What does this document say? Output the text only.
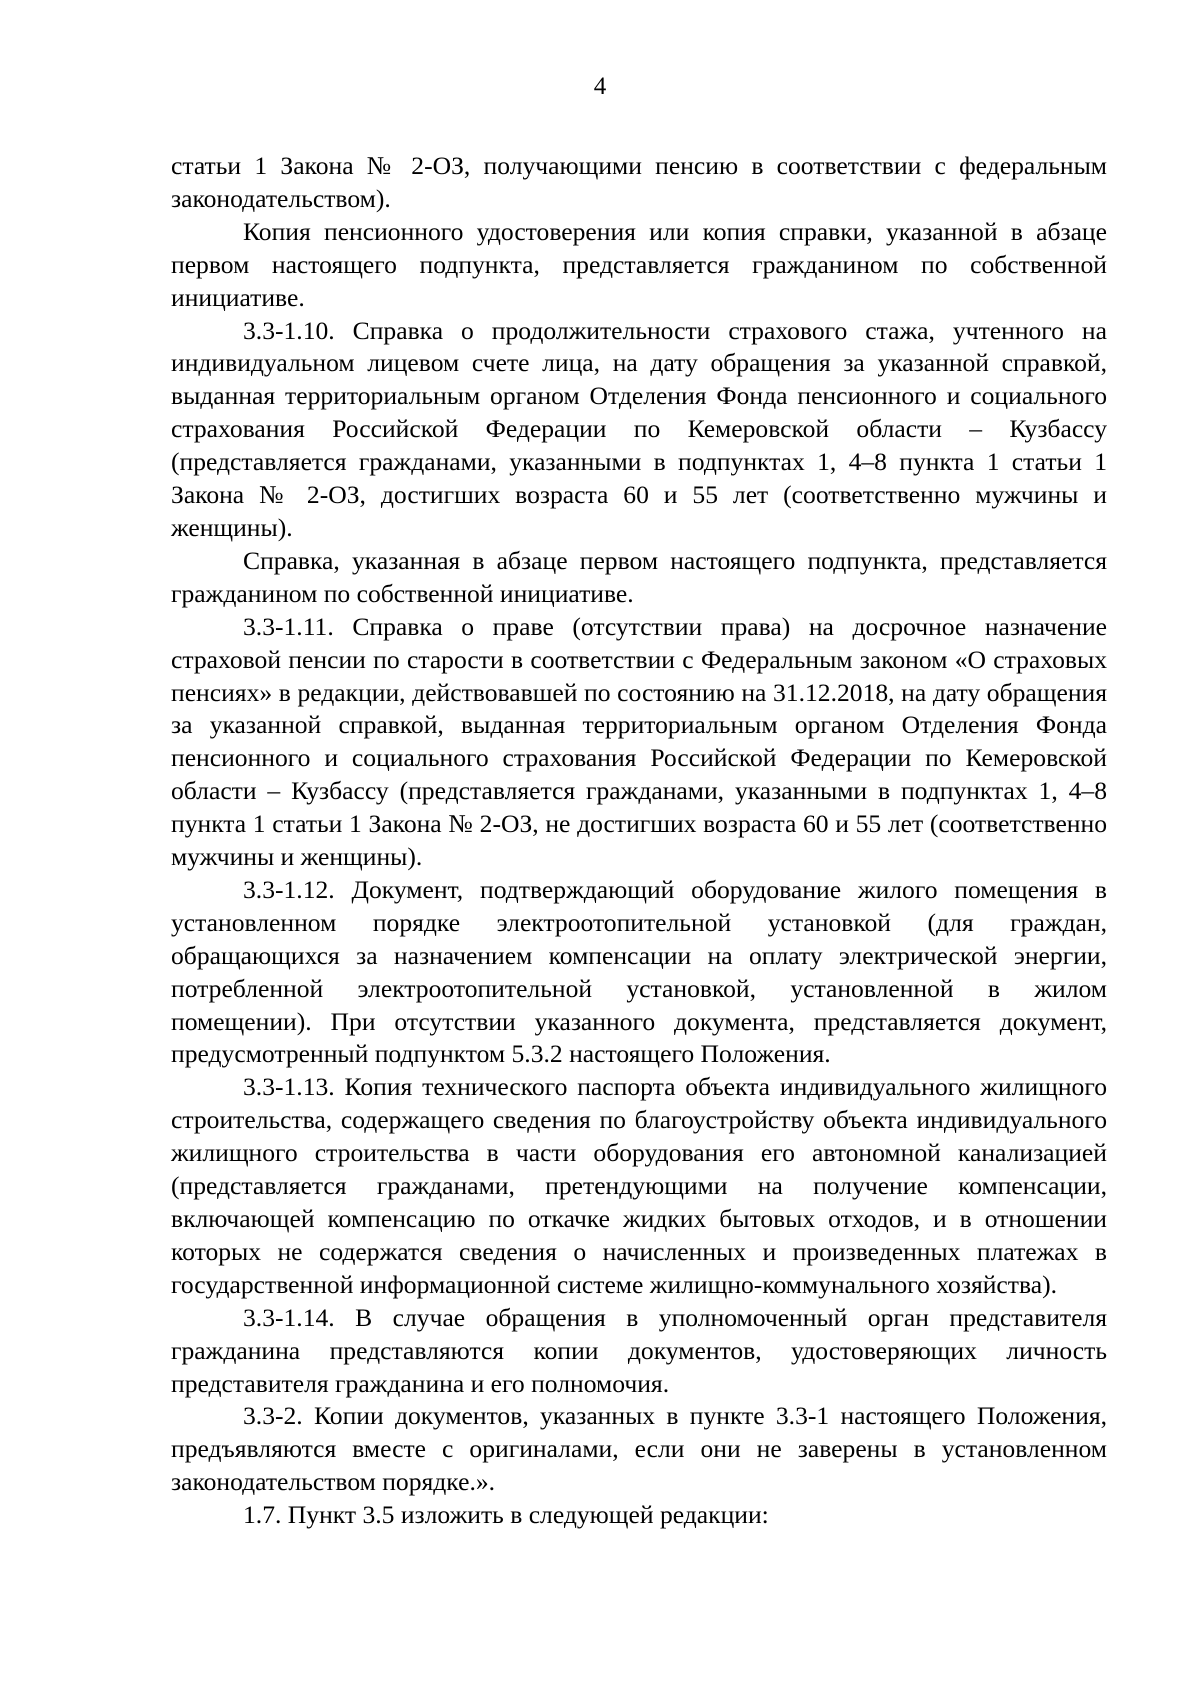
4

статьи 1 Закона № 2-ОЗ, получающими пенсию в соответствии с федеральным законодательством).

Копия пенсионного удостоверения или копия справки, указанной в абзаце первом настоящего подпункта, представляется гражданином по собственной инициативе.

3.3-1.10. Справка о продолжительности страхового стажа, учтенного на индивидуальном лицевом счете лица, на дату обращения за указанной справкой, выданная территориальным органом Отделения Фонда пенсионного и социального страхования Российской Федерации по Кемеровской области – Кузбассу (представляется гражданами, указанными в подпунктах 1, 4–8 пункта 1 статьи 1 Закона № 2-ОЗ, достигших возраста 60 и 55 лет (соответственно мужчины и женщины).

Справка, указанная в абзаце первом настоящего подпункта, представляется гражданином по собственной инициативе.

3.3-1.11. Справка о праве (отсутствии права) на досрочное назначение страховой пенсии по старости в соответствии с Федеральным законом «О страховых пенсиях» в редакции, действовавшей по состоянию на 31.12.2018, на дату обращения за указанной справкой, выданная территориальным органом Отделения Фонда пенсионного и социального страхования Российской Федерации по Кемеровской области – Кузбассу (представляется гражданами, указанными в подпунктах 1, 4–8 пункта 1 статьи 1 Закона № 2-ОЗ, не достигших возраста 60 и 55 лет (соответственно мужчины и женщины).

3.3-1.12. Документ, подтверждающий оборудование жилого помещения в установленном порядке электроотопительной установкой (для граждан, обращающихся за назначением компенсации на оплату электрической энергии, потребленной электроотопительной установкой, установленной в жилом помещении). При отсутствии указанного документа, представляется документ, предусмотренный подпунктом 5.3.2 настоящего Положения.

3.3-1.13. Копия технического паспорта объекта индивидуального жилищного строительства, содержащего сведения по благоустройству объекта индивидуального жилищного строительства в части оборудования его автономной канализацией (представляется гражданами, претендующими на получение компенсации, включающей компенсацию по откачке жидких бытовых отходов, и в отношении которых не содержатся сведения о начисленных и произведенных платежах в государственной информационной системе жилищно-коммунального хозяйства).

3.3-1.14. В случае обращения в уполномоченный орган представителя гражданина представляются копии документов, удостоверяющих личность представителя гражданина и его полномочия.

3.3-2. Копии документов, указанных в пункте 3.3-1 настоящего Положения, предъявляются вместе с оригиналами, если они не заверены в установленном законодательством порядке.».

1.7. Пункт 3.5 изложить в следующей редакции:
